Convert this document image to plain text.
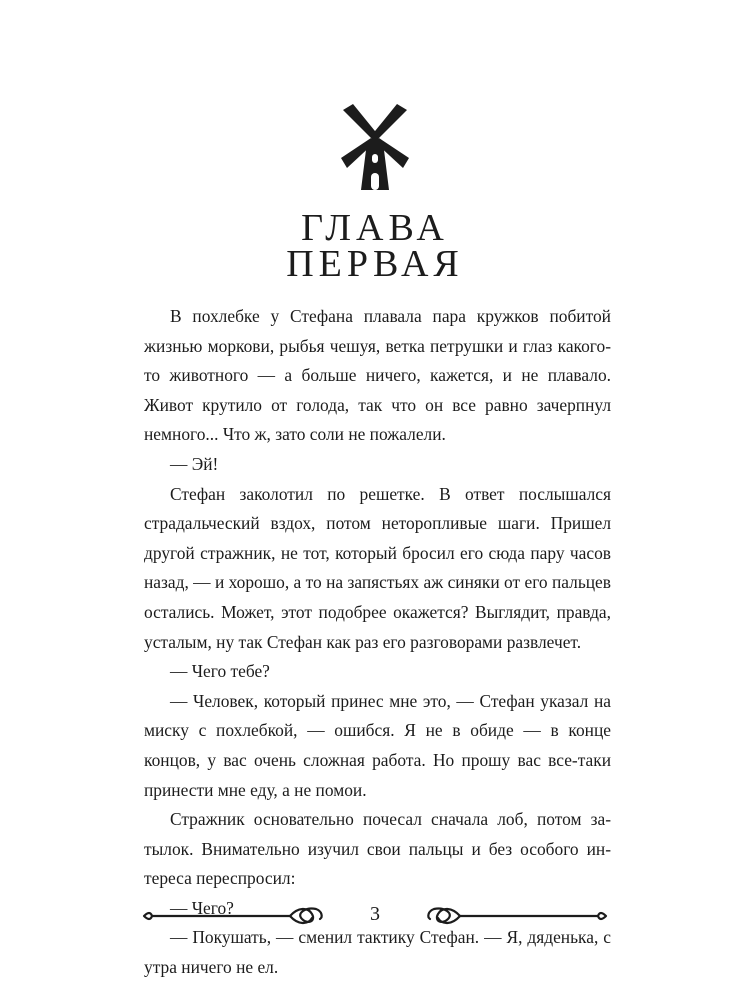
ГЛАВА
ПЕРВАЯ

В похлебке у Стефана плавала пара кружков побитой жизнью моркови, рыбья чешуя, ветка петрушки и глаз какого-то животного — а больше ничего, кажется, и не плавало. Живот крутило от голода, так что он все равно зачерпнул немного... Что ж, зато соли не пожалели.

— Эй!

Стефан заколотил по решетке. В ответ послышался страдальческий вздох, потом неторопливые шаги. Пришел другой стражник, не тот, который бросил его сюда пару часов назад, — и хорошо, а то на запястьях аж синяки от его пальцев остались. Может, этот подобрее окажется? Выглядит, правда, усталым, ну так Стефан как раз его разговорами развлечет.

— Чего тебе?

— Человек, который принес мне это, — Стефан указал на миску с похлебкой, — ошибся. Я не в обиде — в конце концов, у вас очень сложная работа. Но прошу вас все-таки принести мне еду, а не помои.

Стражник основательно почесал сначала лоб, потом затылок. Внимательно изучил свои пальцы и без особого интереса переспросил:

— Чего?

— Покушать, — сменил тактику Стефан. — Я, дяденька, с утра ничего не ел.

3
